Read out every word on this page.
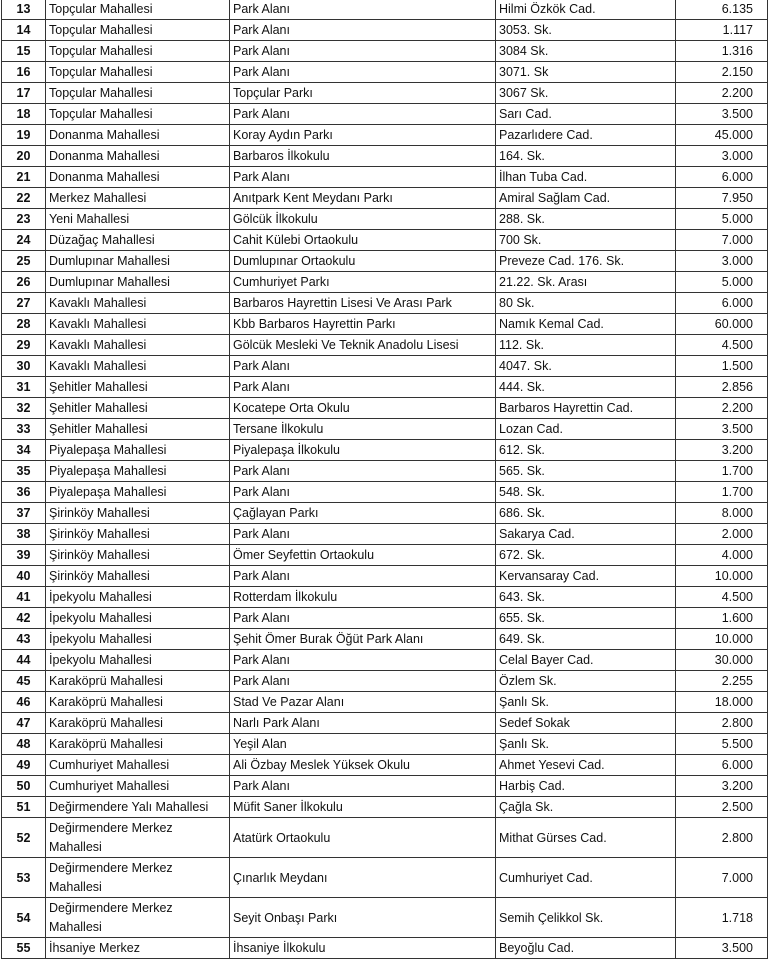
13	Topçular Mahallesi	Park Alanı	Hilmi Özkök Cad.	6.135
14	Topçular Mahallesi	Park Alanı	3053. Sk.	1.117
15	Topçular Mahallesi	Park Alanı	3084 Sk.	1.316
16	Topçular Mahallesi	Park Alanı	3071. Sk	2.150
17	Topçular Mahallesi	Topçular Parkı	3067 Sk.	2.200
18	Topçular Mahallesi	Park Alanı	Sarı Cad.	3.500
19	Donanma Mahallesi	Koray Aydın Parkı	Pazarlıdere Cad.	45.000
20	Donanma Mahallesi	Barbaros İlkokulu	164. Sk.	3.000
21	Donanma Mahallesi	Park Alanı	İlhan Tuba Cad.	6.000
22	Merkez Mahallesi	Anıtpark Kent Meydanı Parkı	Amiral Sağlam Cad.	7.950
23	Yeni Mahallesi	Gölcük İlkokulu	288. Sk.	5.000
24	Düzağaç Mahallesi	Cahit Külebi Ortaokulu	700 Sk.	7.000
25	Dumlupınar Mahallesi	Dumlupınar Ortaokulu	Preveze Cad. 176. Sk.	3.000
26	Dumlupınar Mahallesi	Cumhuriyet Parkı	21.22. Sk. Arası	5.000
27	Kavaklı Mahallesi	Barbaros Hayrettin Lisesi Ve Arası Park	80 Sk.	6.000
28	Kavaklı Mahallesi	Kbb Barbaros Hayrettin Parkı	Namık Kemal Cad.	60.000
29	Kavaklı Mahallesi	Gölcük Mesleki Ve Teknik Anadolu Lisesi	112. Sk.	4.500
30	Kavaklı Mahallesi	Park Alanı	4047. Sk.	1.500
31	Şehitler Mahallesi	Park Alanı	444. Sk.	2.856
32	Şehitler Mahallesi	Kocatepe Orta Okulu	Barbaros Hayrettin Cad.	2.200
33	Şehitler Mahallesi	Tersane İlkokulu	Lozan Cad.	3.500
34	Piyalepaşa Mahallesi	Piyalepaşa İlkokulu	612. Sk.	3.200
35	Piyalepaşa Mahallesi	Park Alanı	565. Sk.	1.700
36	Piyalepaşa Mahallesi	Park Alanı	548. Sk.	1.700
37	Şirinköy Mahallesi	Çağlayan Parkı	686. Sk.	8.000
38	Şirinköy Mahallesi	Park Alanı	Sakarya Cad.	2.000
39	Şirinköy Mahallesi	Ömer Seyfettin Ortaokulu	672. Sk.	4.000
40	Şirinköy Mahallesi	Park Alanı	Kervansaray Cad.	10.000
41	İpekyolu Mahallesi	Rotterdam İlkokulu	643. Sk.	4.500
42	İpekyolu Mahallesi	Park Alanı	655. Sk.	1.600
43	İpekyolu Mahallesi	Şehit Ömer Burak Öğüt Park Alanı	649. Sk.	10.000
44	İpekyolu Mahallesi	Park Alanı	Celal Bayer Cad.	30.000
45	Karaköprü Mahallesi	Park Alanı	Özlem Sk.	2.255
46	Karaköprü Mahallesi	Stad Ve Pazar Alanı	Şanlı Sk.	18.000
47	Karaköprü Mahallesi	Narlı Park Alanı	Sedef Sokak	2.800
48	Karaköprü Mahallesi	Yeşil Alan	Şanlı Sk.	5.500
49	Cumhuriyet Mahallesi	Ali Özbay Meslek Yüksek Okulu	Ahmet Yesevi Cad.	6.000
50	Cumhuriyet Mahallesi	Park Alanı	Harbiş Cad.	3.200
51	Değirmendere Yalı Mahallesi	Müfit Saner İlkokulu	Çağla Sk.	2.500
52	Değirmendere Merkez Mahallesi	Atatürk Ortaokulu	Mithat Gürses Cad.	2.800
53	Değirmendere Merkez Mahallesi	Çınarlık Meydanı	Cumhuriyet Cad.	7.000
54	Değirmendere Merkez Mahallesi	Seyit Onbaşı Parkı	Semih Çelikkol Sk.	1.718
55	İhsaniye Merkez	İhsaniye İlkokulu	Beyoğlu Cad.	3.500
